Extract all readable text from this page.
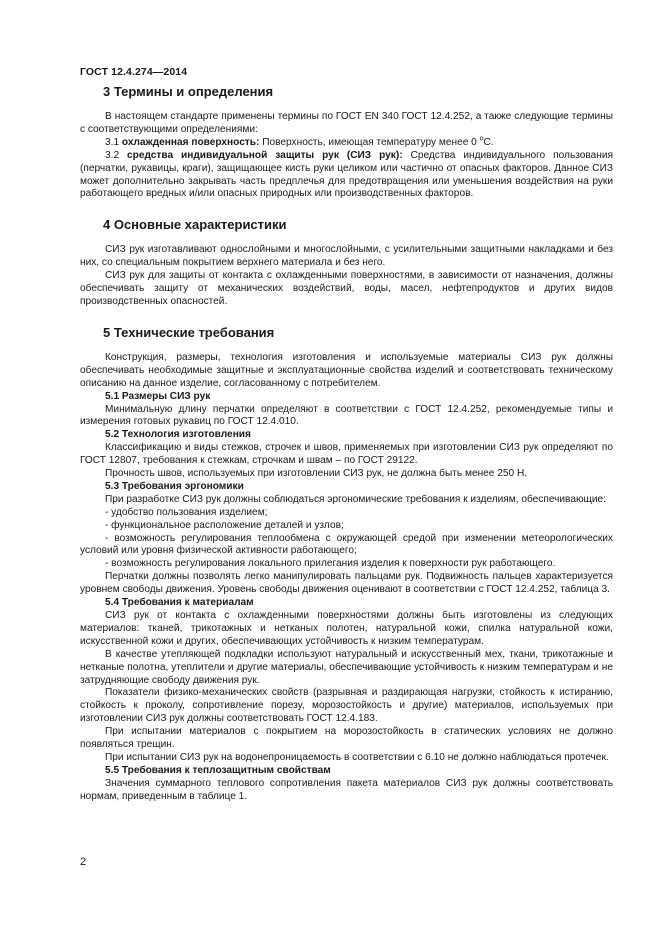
ГОСТ 12.4.274—2014
3 Термины и определения

В настоящем стандарте применены термины по ГОСТ EN 340 ГОСТ 12.4.252, а также следующие термины с соответствующими определениями:

3.1 охлажденная поверхность: Поверхность, имеющая температуру менее 0 $^o$С.

3.2 средства индивидуальной защиты рук (СИЗ рук): Средства индивидуального пользования (перчатки, рукавицы, краги), защищающее кисть руки целиком или частично от опасных факторов. Данное СИЗ может дополнительно закрывать часть предплечья для предотвращения или уменьшения воздействия на руки работающего вредных и/или опасных природных или производственных факторов.

4 Основные характеристики

СИЗ рук изготавливают однослойными и многослойными, с усилительными защитными накладками и без них, со специальным покрытием верхнего материала и без него.

СИЗ рук для защиты от контакта с охлажденными поверхностями, в зависимости от назначения, должны обеспечивать защиту от механических воздействий, воды, масел, нефтепродуктов и других видов производственных опасностей.

5 Технические требования

Конструкция, размеры, технология изготовления и используемые материалы СИЗ рук должны обеспечивать необходимые защитные и эксплуатационные свойства изделий и соответствовать техническому описанию на данное изделие, согласованному с потребителем.

5.1 Размеры СИЗ рук

Минимальную длину перчатки определяют в соответствии с ГОСТ 12.4.252, рекомендуемые типы и измерения готовых рукавиц по ГОСТ 12.4.010.

5.2 Технология изготовления

Классификацию и виды стежков, строчек и швов, применяемых при изготовлении СИЗ рук определяют по ГОСТ 12807, требования к стежкам, строчкам и швам – по ГОСТ 29122.

Прочность швов, используемых при изготовлении СИЗ рук, не должна быть менее 250 Н.

5.3 Требования эргономики

При разработке СИЗ рук должны соблюдаться эргономические требования к изделиям, обеспечивающие:

- удобство пользования изделием;

- функциональное расположение деталей и узлов;

- возможность регулирования теплообмена с окружающей средой при изменении метеорологических условий или уровня физической активности работающего;

- возможность регулирования локального прилегания изделия к поверхности рук работающего.

Перчатки должны позволять легко манипулировать пальцами рук. Подвижность пальцев характеризуется уровнем свободы движения. Уровень свободы движения оценивают в соответствии с ГОСТ 12.4.252, таблица 3.

5.4 Требования к материалам

СИЗ рук от контакта с охлажденными поверхностями должны быть изготовлены из следующих материалов: тканей, трикотажных и нетканых полотен, натуральной кожи, спилка натуральной кожи, искусственной кожи и других, обеспечивающих устойчивость к низким температурам.

В качестве утепляющей подкладки используют натуральный и искусственный мех, ткани, трикотажные и нетканые полотна, утеплители и другие материалы, обеспечивающие устойчивость к низким температурам и не затрудняющие свободу движения рук.

Показатели физико-механических свойств (разрывная и раздирающая нагрузки, стойкость к истиранию, стойкость к проколу, сопротивление порезу, морозостойкость и другие) материалов, используемых при изготовлении СИЗ рук должны соответствовать ГОСТ 12.4.183.

При испытании материалов с покрытием на морозостойкость в статических условиях не должно появляться трещин.

При испытании СИЗ рук на водонепроницаемость в соответствии с 6.10 не должно наблюдаться протечек.

5.5 Требования к теплозащитным свойствам

Значения суммарного теплового сопротивления пакета материалов СИЗ рук должны соответствовать нормам, приведенным в таблице 1.

2
